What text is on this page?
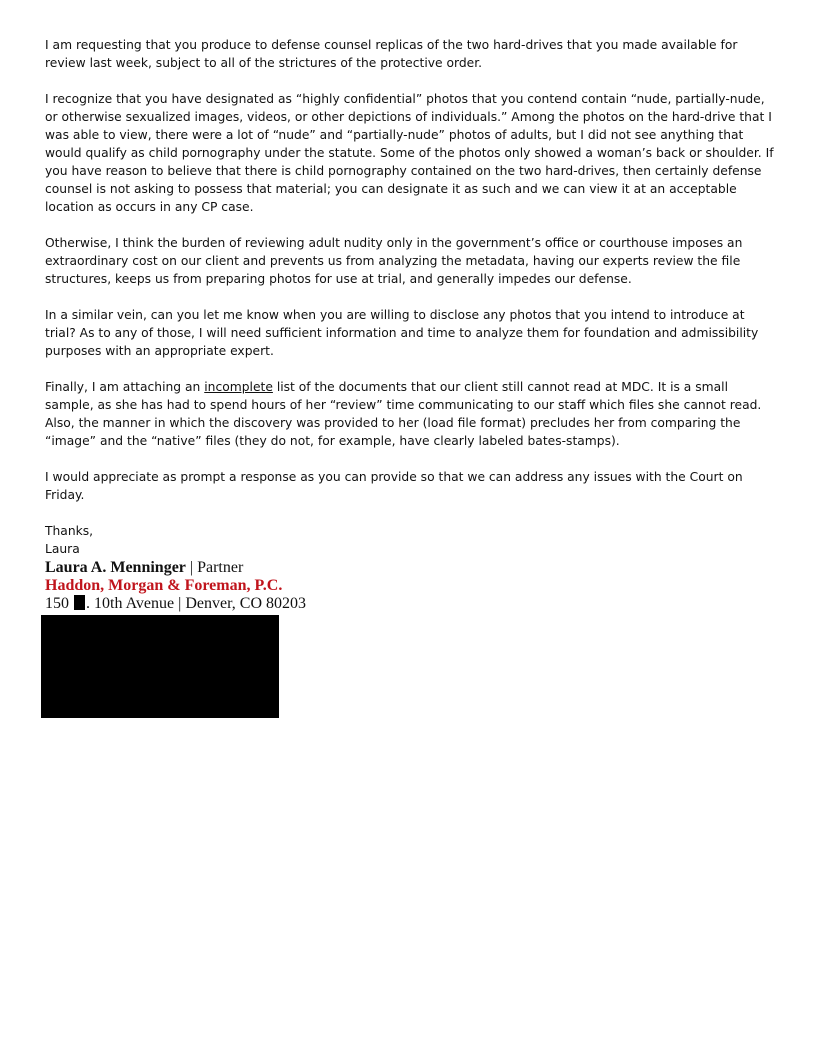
I am requesting that you produce to defense counsel replicas of the two hard-drives that you made available for review last week, subject to all of the strictures of the protective order.

I recognize that you have designated as “highly confidential” photos that you contend contain “nude, partially-nude, or otherwise sexualized images, videos, or other depictions of individuals.” Among the photos on the hard-drive that I was able to view, there were a lot of “nude” and “partially-nude” photos of adults, but I did not see anything that would qualify as child pornography under the statute. Some of the photos only showed a woman’s back or shoulder. If you have reason to believe that there is child pornography contained on the two hard-drives, then certainly defense counsel is not asking to possess that material; you can designate it as such and we can view it at an acceptable location as occurs in any CP case.

Otherwise, I think the burden of reviewing adult nudity only in the government’s office or courthouse imposes an extraordinary cost on our client and prevents us from analyzing the metadata, having our experts review the file structures, keeps us from preparing photos for use at trial, and generally impedes our defense.

In a similar vein, can you let me know when you are willing to disclose any photos that you intend to introduce at trial? As to any of those, I will need sufficient information and time to analyze them for foundation and admissibility purposes with an appropriate expert.

Finally, I am attaching an incomplete list of the documents that our client still cannot read at MDC. It is a small sample, as she has had to spend hours of her “review” time communicating to our staff which files she cannot read. Also, the manner in which the discovery was provided to her (load file format) precludes her from comparing the “image” and the “native” files (they do not, for example, have clearly labeled bates-stamps).

I would appreciate as prompt a response as you can provide so that we can address any issues with the Court on Friday.

Thanks,

Laura

Laura A. Menninger | Partner
Haddon, Morgan & Foreman, P.C.
150 . 10th Avenue | Denver, CO 80203
